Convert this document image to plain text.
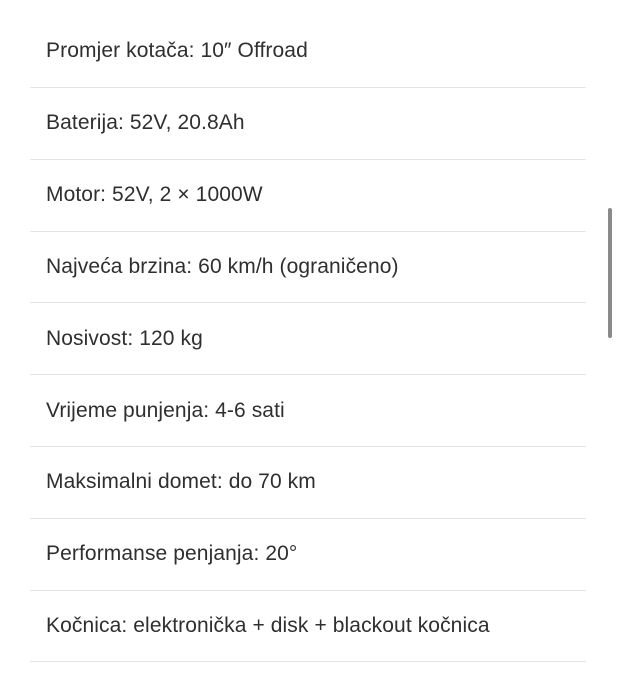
Promjer kotača: 10″ Offroad
Baterija: 52V, 20.8Ah
Motor: 52V, 2 × 1000W
Najveća brzina: 60 km/h (ograničeno)
Nosivost: 120 kg
Vrijeme punjenja: 4-6 sati
Maksimalni domet: do 70 km
Performanse penjanja: 20°
Kočnica: elektronička + disk + blackout kočnica
